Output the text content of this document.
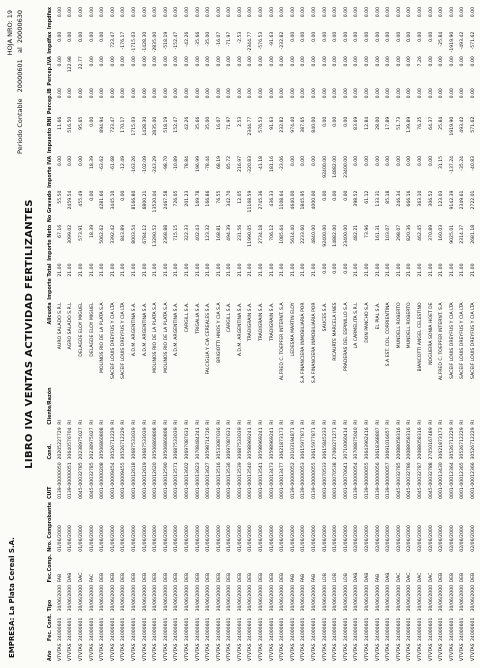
EMPRESA: La Plata Cereal S.A.
HOJA NRO: 19
Periodo Contable   20000601   al  20000630
LIBRO IVA VENTAS ACTIVIDAD FERTILIZANTES
Año	Fec. Cont.	Tipo	Fec.Comp.	Nro. Comprobante	CUIT	Cond.	Cliente/Razón	Alicuota	Importe Total	Importe Neto	No Gravado	Importe IVA	Impuesto RNI	Percep.IB	Percep.IVA	Impdfax	Impdfax
VTVTAS	24000601	30/06/2000	FAB	01/06/2000	0139-00000050	20205227729	RI	AURO SALADO S.R.L	21.00	67.16	55.50	0.00	11.66	0.00	0.00	0.00	0.00
VTVTAS	24000601	30/06/2000	DAB	01/06/2000	0139-00000051	30640576704	RI	AGRO SALADO S.R.L	21.00	3099.02	2459.54	0.00	516.50	0.00	122.98	0.00	0.00
VTVTAS	24000601	30/06/2000	DAC	01/06/2000	0045-00032785	20238975027	RI	DELAGDE ELOY MIGUEL	21.00	573.91	455.49	0.00	95.65	0.00	22.77	0.00	0.00
VTVTAS	24000601	30/06/2000	FAC	01/06/2000	0045-00032785	20238975027	RI	DELAGDE ELOY MIGUEL	21.00	18.39	0.00	18.39	0.00	0.00	0.00	0.00	0.00
VTVTAS	24000601	30/06/2000	DEB	01/06/2000	0001-00000208	30506860808	RI	MOLINOS RIO DE LA PLATA S.A	21.00	5062.62	4281.60	-63.62	894.94	0.00	0.00	0.00	0.00
VTVTAS	24000601	30/06/2000	DEB	01/06/2000	0001-00009454	30526712229	RI	SACEIF LOUIS DREYFUS Y CIA LTA	21.00	3392.42	3445.10	-61.68	723.47	0.00	0.00	723.47	0.00
VTVTAS	24000601	30/06/2000	DEB	01/06/2000	0001-00009455	30526712229	RI	SACEIF LOUIS DREYFUS Y CIA LTA	21.00	843.89	0.00	-12.49	170.17	0.00	0.00	-176.17	0.00
VTVTAS	24000601	30/06/2000	DEB	01/06/2000	0001-00012618	30687533039	RI	A.D.M. ARGENTINA S.A.	21.00	8003.54	8166.80	-163.26	1715.03	0.00	0.00	-1715.03	0.00
VTVTAS	24000601	30/06/2000	DEB	01/06/2000	0001-00012619	30687533039	RI	A.D.M. ARGENTINA S.A.	21.00	6784.12	6800.21	-102.09	1428.30	0.00	0.00	-1428.30	0.00
VTVTAS	24000601	30/06/2000	DEB	01/06/2000	0001-00012620	30506860808	RI	MOLINOS RIO DE LA PLATA S.A	21.00	13290.52	13520.04	-243.29	2835.00	0.00	0.00	-2835.00	0.00
VTVTAS	24000601	30/06/2000	DEB	01/06/2000	0001-00012590	30506860808	RI	MOLINOS RIO DE LA PLATA S.A	21.00	2368.88	2467.58	-98.70	518.19	0.00	0.00	-518.19	0.00
VTVTAS	24000601	30/06/2000	DEB	01/06/2000	0001-00013571	30687533039	RI	A.D.M. ARGENTINA S.A.	21.00	715.15	726.05	-10.89	152.47	0.00	0.00	-152.47	0.00
VTVTAS	24000601	30/06/2000	DEB	01/06/2000	0001-00013602	30697087631	RI	CARGILL S.A.	21.00	322.33	201.23	78.84	42.26	0.00	0.00	-42.26	0.00
VTVTAS	24000601	30/06/2000	DEB	01/06/2000	0001-00013623	30708484241	RI	TRIGALIA S.A.	21.00	402.43	169.78	196.99	35.66	0.00	0.00	-35.66	0.00
VTVTAS	24000601	30/06/2000	DEB	01/06/2000	0001-00013627	30598714726	RI	FALCIGLIA Y CIA CEREALES S.A.	21.00	123.32	166.86	-78.44	35.00	0.00	0.00	-35.00	0.00
VTVTAS	24000601	30/06/2000	DEB	01/06/2000	0001-00013516	30533087036	RI	BRIGIOTTI HNOS Y CIA S.A	21.00	168.81	76.55	68.19	16.07	0.00	0.00	-16.07	0.00
VTVTAS	24000601	30/06/2000	DEB	01/06/2000	0001-00013536	30697087631	RI	CARGILL S.A.	21.00	494.39	342.70	85.72	71.97	0.00	0.00	-71.97	0.00
VTVTAS	24000601	30/06/2000	DEB	01/06/2000	0001-00013539	30687533039	RI	A.D.M. ARGENTINA S.A.	21.00	231.56	12.05	216.97	2.53	0.00	0.00	-2.53	0.00
VTVTAS	24000601	30/06/2000	DEB	01/06/2000	0001-00013540	30598969241	RI	TRADIGRAIN S.A.	21.00	11990.05	11168.59	-320.83	2344.77	0.00	0.00	-2344.77	0.00
VTVTAS	24000601	30/06/2000	DEB	01/06/2000	0001-00013541	30598969241	RI	TRADIGRAIN S.A.	21.00	2734.18	2745.36	-41.18	576.53	0.00	0.00	-576.53	0.00
VTVTAS	24000601	30/06/2000	DEB	01/06/2000	0001-00013473	30598969241	RI	TRADIGRAIN S.A.	21.00	706.12	436.33	181.16	91.63	0.00	0.00	-91.63	0.00
VTVTAS	24000601	30/06/2000	DEB	01/06/2000	0001-00013477	30621873173	RI	ALFRED C. TOEPFER INTERNT. S.A	21.00	1085.64	1108.64	-23.06	232.82	0.00	0.00	-232.82	0.00
VTVTAS	24000601	30/06/2000	FAB	01/06/2000	0139-00000052	20103194871	RI	LEDESMA MARTIN ELOY	21.00	5614.40	4640.00	0.00	974.40	0.00	0.00	0.00	0.00
VTVTAS	24000601	30/06/2000	FAB	01/06/2000	0139-00000053	30615977871	RI	S.A FINANCIERA INMOBILIARIA POR	21.00	2233.60	1845.95	0.00	387.65	0.00	0.00	0.00	0.00
VTVTAS	24000601	30/06/2000	FAB	01/06/2000	0139-00000055	30615977871	RI	S.A FINANCIERA INMOBILIARIA POR	21.00	4840.00	4000.00	0.00	840.00	0.00	0.00	0.00	0.00
VTVTAS	24000601	30/06/2000	LDB	01/06/2000	0001-00070533	30615845233	RI	SAUCES S.A.	0.00	92400.00	0.00	92400.00	0.00	0.00	0.00	0.00	0.00
VTVTAS	24000601	30/06/2000	LDB	01/06/2000	0001-00070538	27060271271	RI	RICAURTE MARCELA INES	0.00	14882.00	0.00	14882.00	0.00	0.00	0.00	0.00	0.00
VTVTAS	24000601	30/06/2000	LDB	01/06/2000	0001-00070641	30710060414	RI	PRADERAS DEL ESPINILLO S.A	0.00	23400.00	0.00	23400.00	0.00	0.00	0.00	0.00	0.00
VTVTAS	24000601	30/06/2000	DAB	02/06/2000	0139-00000054	30708875040	RI	LA CARMELITA S.R.L	21.00	482.21	398.52	0.00	83.69	0.00	0.00	0.00	0.00
VTVTAS	24000601	30/06/2000	DAB	02/06/2000	0139-00000055	30643962416	RI	DON PANCHO S.A	21.00	73.96	61.12	0.00	12.84	0.00	0.00	0.00	0.00
VTVTAS	24000601	30/06/2000	FAB	02/06/2000	0139-00000056	30618368807	RI	EL PIAL S.A.	21.00	161.31	133.31	0.00	28.00	0.00	0.00	0.00	0.00
VTVTAS	24000601	30/06/2000	DAB	02/06/2000	0139-00000057	30691016657	RI	S.A EST. COL. CORRIENTINA	21.00	103.07	85.18	0.00	17.89	0.00	0.00	0.00	0.00
VTVTAS	24000601	30/06/2000	DAC	02/06/2000	0045-00032785	20088058316	RI	MUNDELL ROBERTO	21.00	298.07	246.34	0.00	51.73	0.00	0.00	0.00	0.00
VTVTAS	24000601	30/06/2000	DAC	02/06/2000	0045-00032786	20088058316	RI	MUNDELL ROBERTO	21.00	820.36	666.16	0.00	139.89	0.00	0.00	0.00	0.00
VTVTAS	24000601	30/06/2000	DAC	02/06/2000	0045-00032787	20088058316	RI	BIANCOTTI ANGEL CELESTINO	21.00	462.45	363.10	0.00	76.25	0.00	7.26	0.00	0.00
VTVTAS	24000601	30/06/2000	DAC	02/06/2000	0045-00032788	27050167489	RI	NOGUEIRA SONIA HOET DE	21.00	370.89	306.52	0.00	64.37	0.00	0.00	0.00	0.00
VTVTAS	24000601	30/06/2000	DEB	02/06/2000	0001-00013430	30621873173	RI	ALFRED C. TOEPFER INTERNT. S.A	21.00	160.03	123.03	31.15	25.84	0.00	0.00	-25.84	0.00
VTVTAS	24000601	30/06/2000	DEB	02/06/2000	0001-00012364	30526712229	RI	SACEIF LOUIS DREYFUS Y CIA LTA	21.00	9025.01	9142.39	-137.24	1919.90	0.00	0.00	-1919.90	0.00
VTVTAS	24000601	30/06/2000	DEB	02/06/2000	0001-00012365	30526712229	RI	SACEIF LOUIS DREYFUS Y CIA LTA	21.00	2314.37	2349.61	-35.24	493.42	0.00	0.00	-493.42	0.00
VTVTAS	24000601	30/06/2000	DEB	02/06/2000	0001-00012366	30526712229	RI	SACEIF LOUIS DREYFUS Y CIA LTA	21.00	2681.18	2722.01	-40.83	571.62	0.00	0.00	-571.62	0.00
